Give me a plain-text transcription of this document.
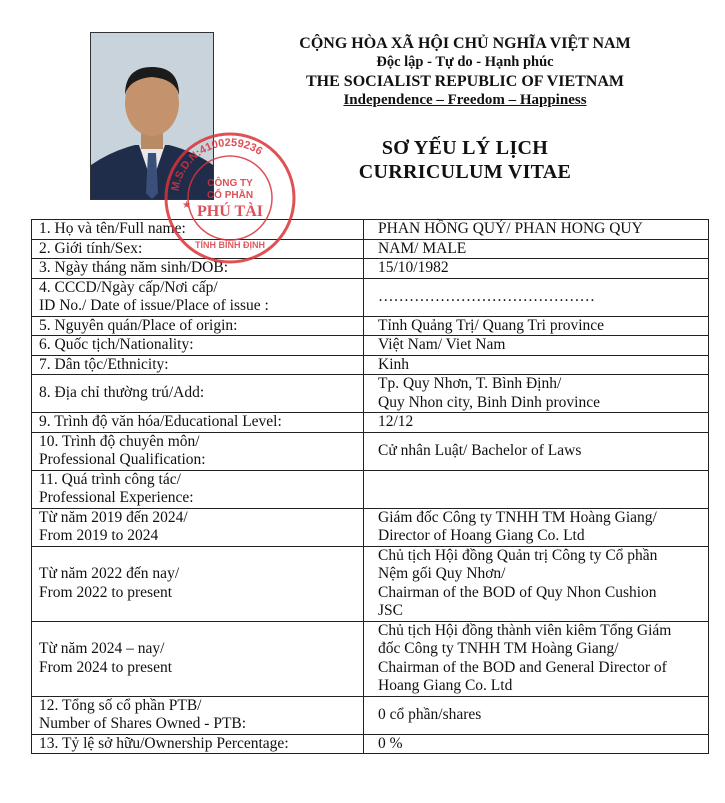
CỘNG HÒA XÃ HỘI CHỦ NGHĨA VIỆT NAM
Độc lập - Tự do - Hạnh phúc
THE SOCIALIST REPUBLIC OF VIETNAM
Independence – Freedom – Happiness
SƠ YẾU LÝ LỊCH
CURRICULUM VITAE
1. Họ và tên/Full name:	PHAN HỒNG QUÝ/ PHAN HONG QUY
2. Giới tính/Sex:	NAM/ MALE
3. Ngày tháng năm sinh/DOB:	15/10/1982
4. CCCD/Ngày cấp/Nơi cấp/
ID No./ Date of issue/Place of issue :	……………………………………
5. Nguyên quán/Place of origin:	Tỉnh Quảng Trị/ Quang Tri province
6. Quốc tịch/Nationality:	Việt Nam/ Viet Nam
7. Dân tộc/Ethnicity:	Kinh
8. Địa chỉ thường trú/Add:	Tp. Quy Nhơn, T. Bình Định/
Quy Nhon city, Binh Dinh province
9. Trình độ văn hóa/Educational Level:	12/12
10. Trình độ chuyên môn/
Professional Qualification:	Cử nhân Luật/ Bachelor of Laws
11. Quá trình công tác/
Professional Experience:	
Từ năm 2019 đến 2024/
From 2019 to 2024	Giám đốc Công ty TNHH TM Hoàng Giang/
Director of Hoang Giang Co. Ltd
Từ năm 2022 đến nay/
From 2022 to present	Chủ tịch Hội đồng Quản trị Công ty Cổ phần
Nệm gối Quy Nhơn/
Chairman of the BOD of Quy Nhon Cushion
JSC
Từ năm 2024 – nay/
From 2024 to present	Chủ tịch Hội đồng thành viên kiêm Tổng Giám
đốc Công ty TNHH TM Hoàng Giang/
Chairman of the BOD and General Director of
Hoang Giang Co. Ltd
12. Tổng số cổ phần PTB/
Number of Shares Owned - PTB:	0 cổ phần/shares
13. Tỷ lệ sở hữu/Ownership Percentage:	0 %
M.S.D.N:4100259236
CÔNG TY
CỔ PHẦN
PHÚ TÀI
TỈNH BÌNH ĐỊNH
★
